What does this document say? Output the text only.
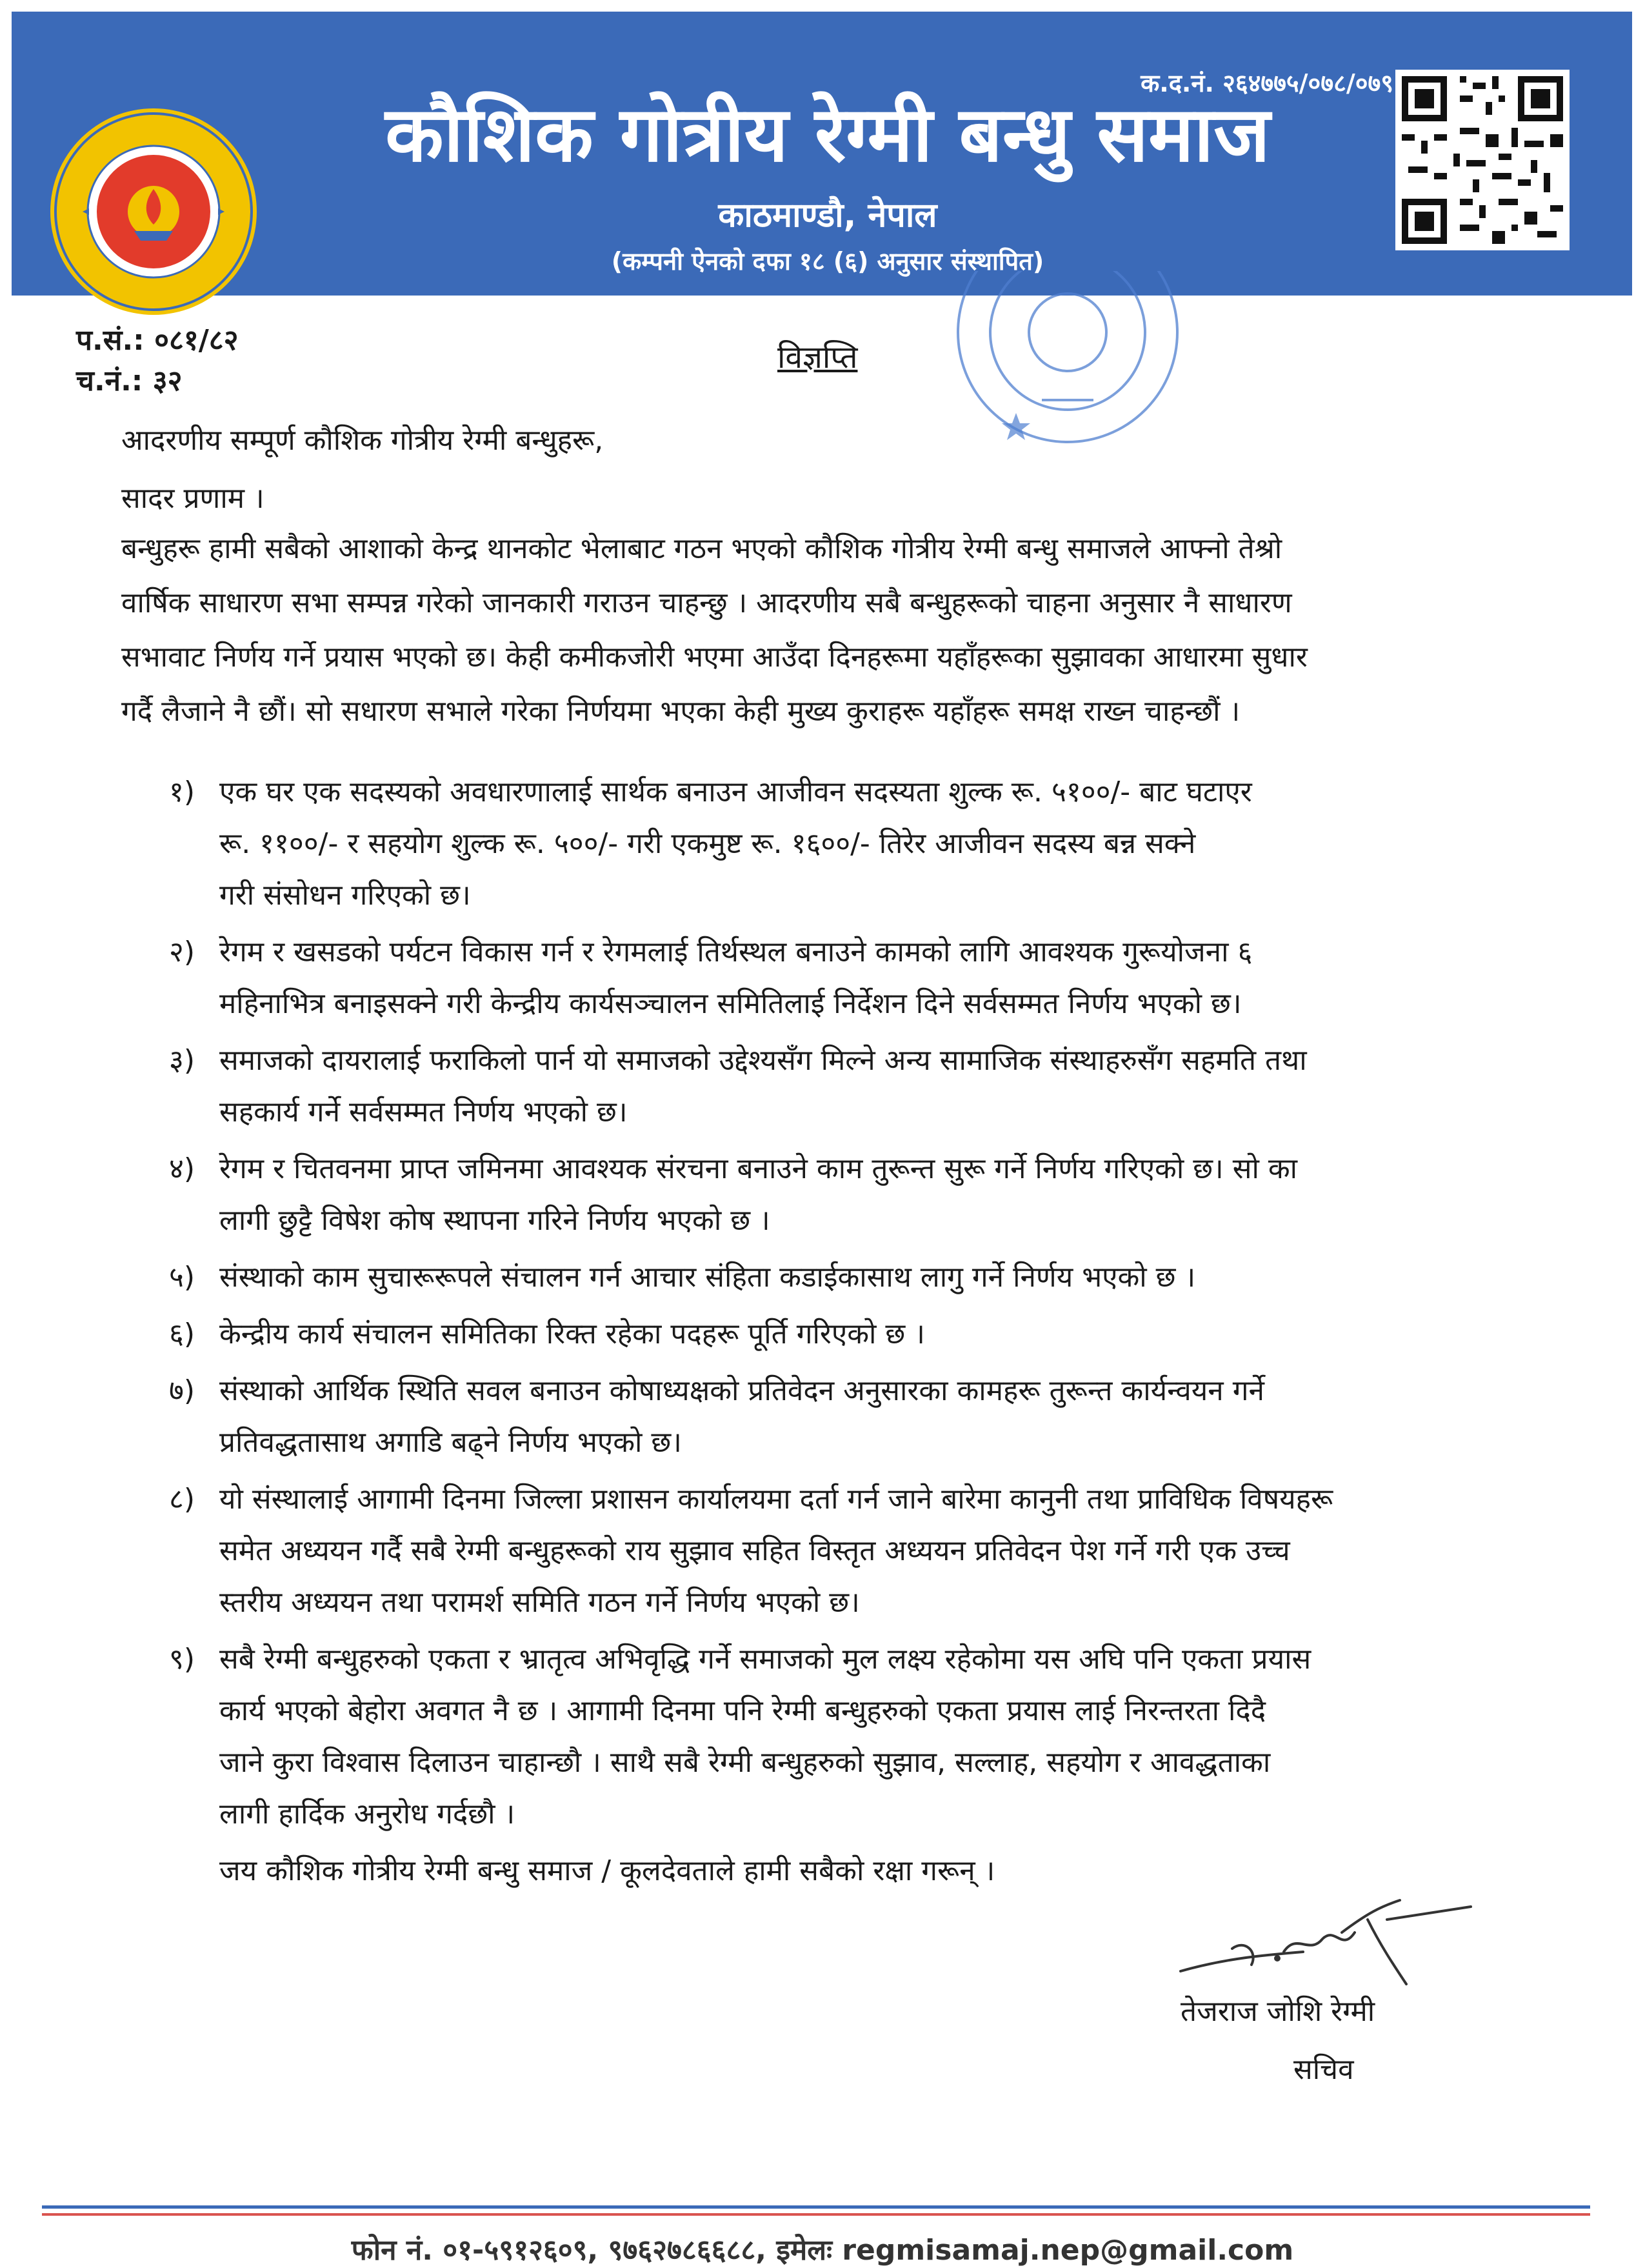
क.द.नं. २६४७७५/०७८/०७९
कौशिक गोत्रीय रेग्मी बन्धु समाज
काठमाण्डौ, नेपाल
(कम्पनी ऐनको दफा १८ (६) अनुसार संस्थापित)
प.सं.: ०८१/८२
च.नं.: ३२
विज्ञप्ति
आदरणीय सम्पूर्ण कौशिक गोत्रीय रेग्मी बन्धुहरू,
सादर प्रणाम ।
बन्धुहरू हामी सबैको आशाको केन्द्र थानकोट भेलाबाट गठन भएको कौशिक गोत्रीय रेग्मी बन्धु समाजले आफ्नो तेश्रो
वार्षिक साधारण सभा सम्पन्न गरेको जानकारी गराउन चाहन्छु । आदरणीय सबै बन्धुहरूको चाहना अनुसार नै साधारण
सभावाट निर्णय गर्ने प्रयास भएको छ। केही कमीकजोरी भएमा आउँदा दिनहरूमा यहाँहरूका सुझावका आधारमा सुधार
गर्दै लैजाने नै छौं। सो सधारण सभाले गरेका निर्णयमा भएका केही मुख्य कुराहरू यहाँहरू समक्ष राख्न चाहन्छौं ।
१) एक घर एक सदस्यको अवधारणालाई सार्थक बनाउन आजीवन सदस्यता शुल्क रू. ५१००/- बाट घटाएर
रू. ११००/- र सहयोग शुल्क रू. ५००/- गरी एकमुष्ट रू. १६००/- तिरेर आजीवन सदस्य बन्न सक्ने
गरी संसोधन गरिएको छ।
२) रेगम र खसडको पर्यटन विकास गर्न र रेगमलाई तिर्थस्थल बनाउने कामको लागि आवश्यक गुरूयोजना ६
महिनाभित्र बनाइसक्ने गरी केन्द्रीय कार्यसञ्चालन समितिलाई निर्देशन दिने सर्वसम्मत निर्णय भएको छ।
३) समाजको दायरालाई फराकिलो पार्न यो समाजको उद्देश्यसँग मिल्ने अन्य सामाजिक संस्थाहरुसँग सहमति तथा
सहकार्य गर्ने सर्वसम्मत निर्णय भएको छ।
४) रेगम र चितवनमा प्राप्त जमिनमा आवश्यक संरचना बनाउने काम तुरून्त सुरू गर्ने निर्णय गरिएको छ। सो का
लागी छुट्टै विषेश कोष स्थापना गरिने निर्णय भएको छ ।
५) संस्थाको काम सुचारूरूपले संचालन गर्न आचार संहिता कडाईकासाथ लागु गर्ने निर्णय भएको छ ।
६) केन्द्रीय कार्य संचालन समितिका रिक्त रहेका पदहरू पूर्ति गरिएको छ ।
७) संस्थाको आर्थिक स्थिति सवल बनाउन कोषाध्यक्षको प्रतिवेदन अनुसारका कामहरू तुरून्त कार्यन्वयन गर्ने
प्रतिवद्धतासाथ अगाडि बढ्ने निर्णय भएको छ।
८) यो संस्थालाई आगामी दिनमा जिल्ला प्रशासन कार्यालयमा दर्ता गर्न जाने बारेमा कानुनी तथा प्राविधिक विषयहरू
समेत अध्ययन गर्दै सबै रेग्मी बन्धुहरूको राय सुझाव सहित विस्तृत अध्ययन प्रतिवेदन पेश गर्ने गरी एक उच्च
स्तरीय अध्ययन तथा परामर्श समिति गठन गर्ने निर्णय भएको छ।
९) सबै रेग्मी बन्धुहरुको एकता र भ्रातृत्व अभिवृद्धि गर्ने समाजको मुल लक्ष्य रहेकोमा यस अघि पनि एकता प्रयास
कार्य भएको बेहोरा अवगत नै छ । आगामी दिनमा पनि रेग्मी बन्धुहरुको एकता प्रयास लाई निरन्तरता दिदै
जाने कुरा विश्वास दिलाउन चाहान्छौ । साथै सबै रेग्मी बन्धुहरुको सुझाव, सल्लाह, सहयोग र आवद्धताका
लागी हार्दिक अनुरोध गर्दछौ ।
जय कौशिक गोत्रीय रेग्मी बन्धु समाज / कूलदेवताले हामी सबैको रक्षा गरून् ।
तेजराज जोशि रेग्मी
सचिव
फोन नं. ०१-५९१२६०९, ९७६२७८६६८८, इमेलः regmisamaj.nep@gmail.com
